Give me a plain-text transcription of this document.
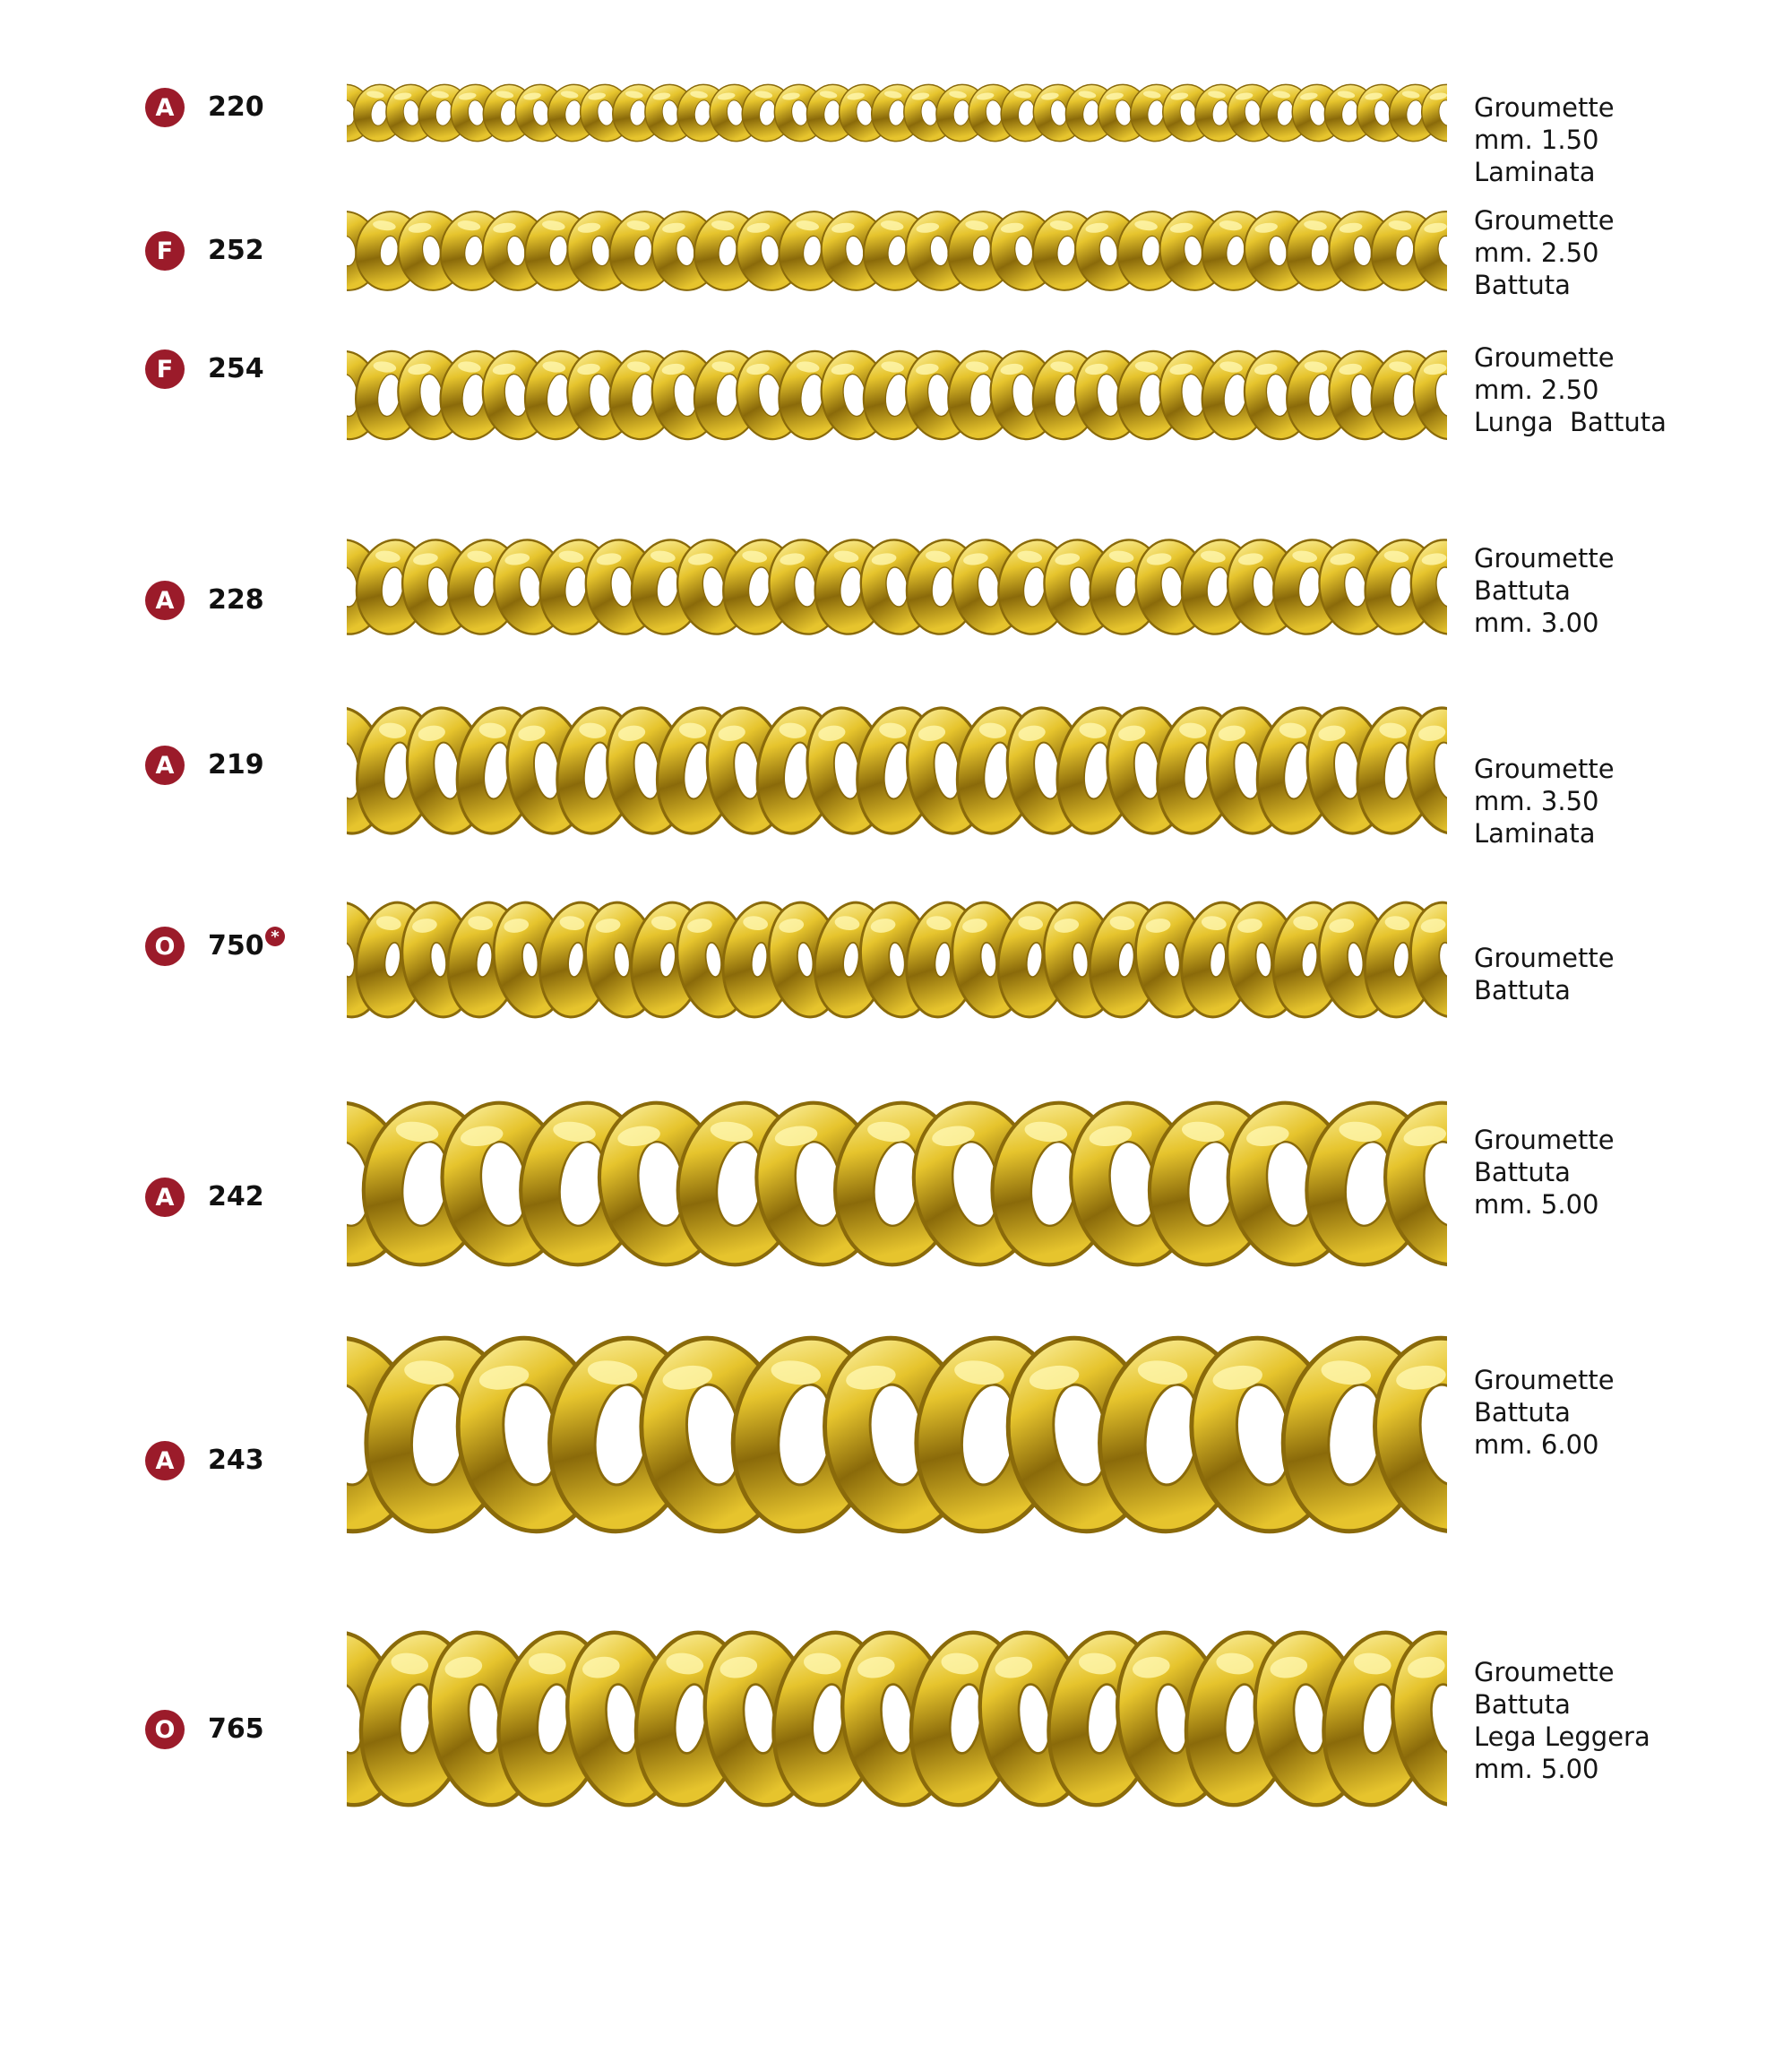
A	220	Groumette
mm. 1.50
Laminata
F	252
Groumette
mm. 2.50
Battuta
F	254	Groumette
mm. 2.50
Lunga  Battuta
A	228
Groumette
Battuta
mm. 3.00
A	219	Groumette
mm. 3.50
Laminata
O	750 *
Groumette
Battuta
A	242
Groumette
Battuta
mm. 5.00
A	243
Groumette
Battuta
mm. 6.00
O	765
Groumette
Battuta
Lega Leggera
mm. 5.00
